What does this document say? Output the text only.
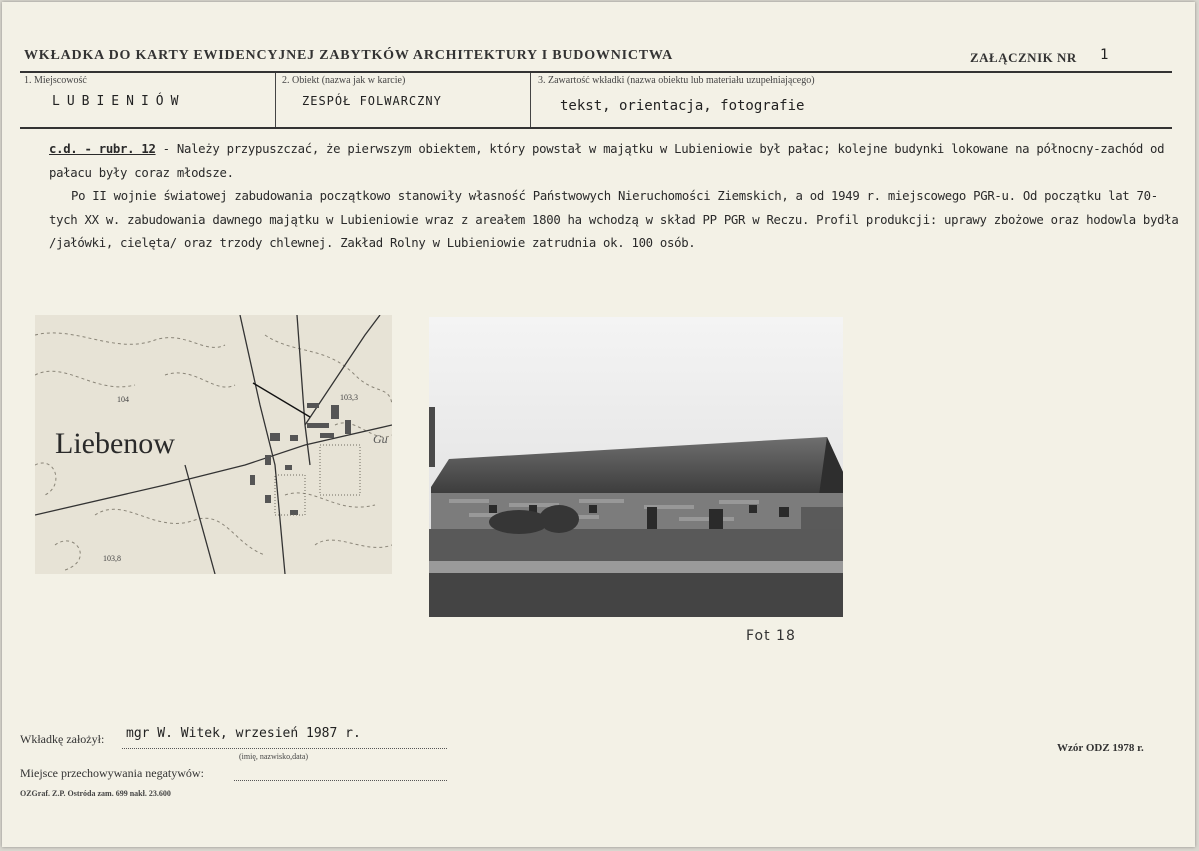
WKŁADKA DO KARTY EWIDENCYJNEJ ZABYTKÓW ARCHITEKTURY I BUDOWNICTWA	ZAŁĄCZNIK NR 1
1. Miejscowość
LUBIENIÓW
2. Obiekt (nazwa jak w karcie)
ZESPÓŁ FOLWARCZNY
3. Zawartość wkładki (nazwa obiektu lub materiału uzupełniającego)
tekst, orientacja, fotografie

c.d. - rubr. 12 - Należy przypuszczać, że pierwszym obiektem, który powstał w majątku w Lubieniowie był pałac; kolejne budynki lokowane na północny-zachód od pałacu były coraz młodsze.

Po II wojnie światowej zabudowania początkowo stanowiły własność Państwowych Nieruchomości Ziemskich, a od 1949 r. miejscowego PGR-u. Od początku lat 70-tych XX w. zabudowania dawnego majątku w Lubieniowie wraz z areałem 1800 ha wchodzą w skład PP PGR w Reczu. Profil produkcji: uprawy zbożowe oraz hodowla bydła /jałówki, cielęta/ oraz trzody chlewnej. Zakład Rolny w Lubieniowie zatrudnia ok. 100 osób.

Liebenow	Gu
104	103,3
103,8
Fot 18
Wkładkę założył: mgr W. Witek, wrzesień 1987 r.
(imię, nazwisko,data)
Miejsce przechowywania negatywów:
Wzór ODZ 1978 r.
OZGraf. Z.P. Ostróda zam. 699 nakł. 23.600
